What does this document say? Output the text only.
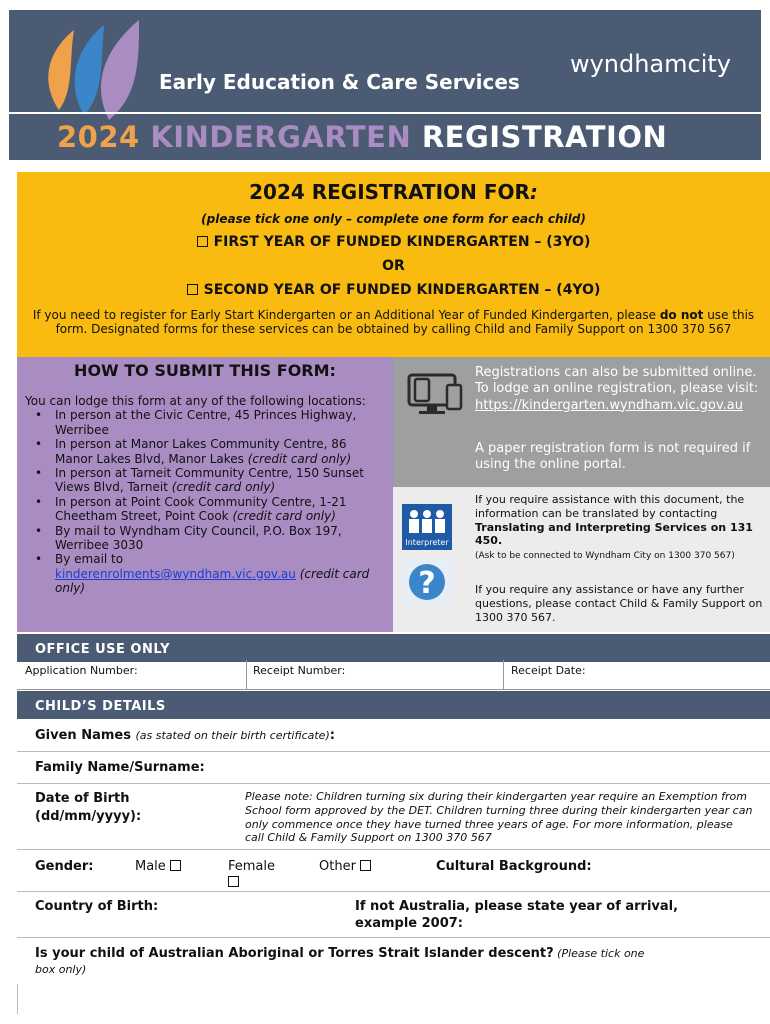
Early Education & Care Services
wyndhamcity
2024 KINDERGARTEN REGISTRATION
2024 REGISTRATION FOR:
(please tick one only – complete one form for each child)
FIRST YEAR OF FUNDED KINDERGARTEN – (3YO)
OR
SECOND YEAR OF FUNDED KINDERGARTEN – (4YO)
If you need to register for Early Start Kindergarten or an Additional Year of Funded Kindergarten, please do not use this form. Designated forms for these services can be obtained by calling Child and Family Support on 1300 370 567
HOW TO SUBMIT THIS FORM:
You can lodge this form at any of the following locations:
• In person at the Civic Centre, 45 Princes Highway, Werribee
• In person at Manor Lakes Community Centre, 86 Manor Lakes Blvd, Manor Lakes (credit card only)
• In person at Tarneit Community Centre, 150 Sunset Views Blvd, Tarneit (credit card only)
• In person at Point Cook Community Centre, 1-21 Cheetham Street, Point Cook (credit card only)
• By mail to Wyndham City Council, P.O. Box 197, Werribee 3030
• By email to
kinderenrolments@wyndham.vic.gov.au (credit card only)
Registrations can also be submitted online. To lodge an online registration, please visit:
https://kindergarten.wyndham.vic.gov.au
A paper registration form is not required if using the online portal.
Interpreter
?
If you require assistance with this document, the information can be translated by contacting Translating and Interpreting Services on 131 450.
(Ask to be connected to Wyndham City on 1300 370 567)
If you require any assistance or have any further questions, please contact Child & Family Support on 1300 370 567.
OFFICE USE ONLY
Application Number:	Receipt Number:	Receipt Date:
CHILD’S DETAILS
Given Names (as stated on their birth certificate):
Family Name/Surname:
Date of Birth
(dd/mm/yyyy):
Please note: Children turning six during their kindergarten year require an Exemption from School form approved by the DET. Children turning three during their kindergarten year can only commence once they have turned three years of age. For more information, please call Child & Family Support on 1300 370 567
Gender:	Male	Female	Other	Cultural Background:
Country of Birth:	If not Australia, please state year of arrival, example 2007:
Is your child of Australian Aboriginal or Torres Strait Islander descent? (Please tick one
box only)
